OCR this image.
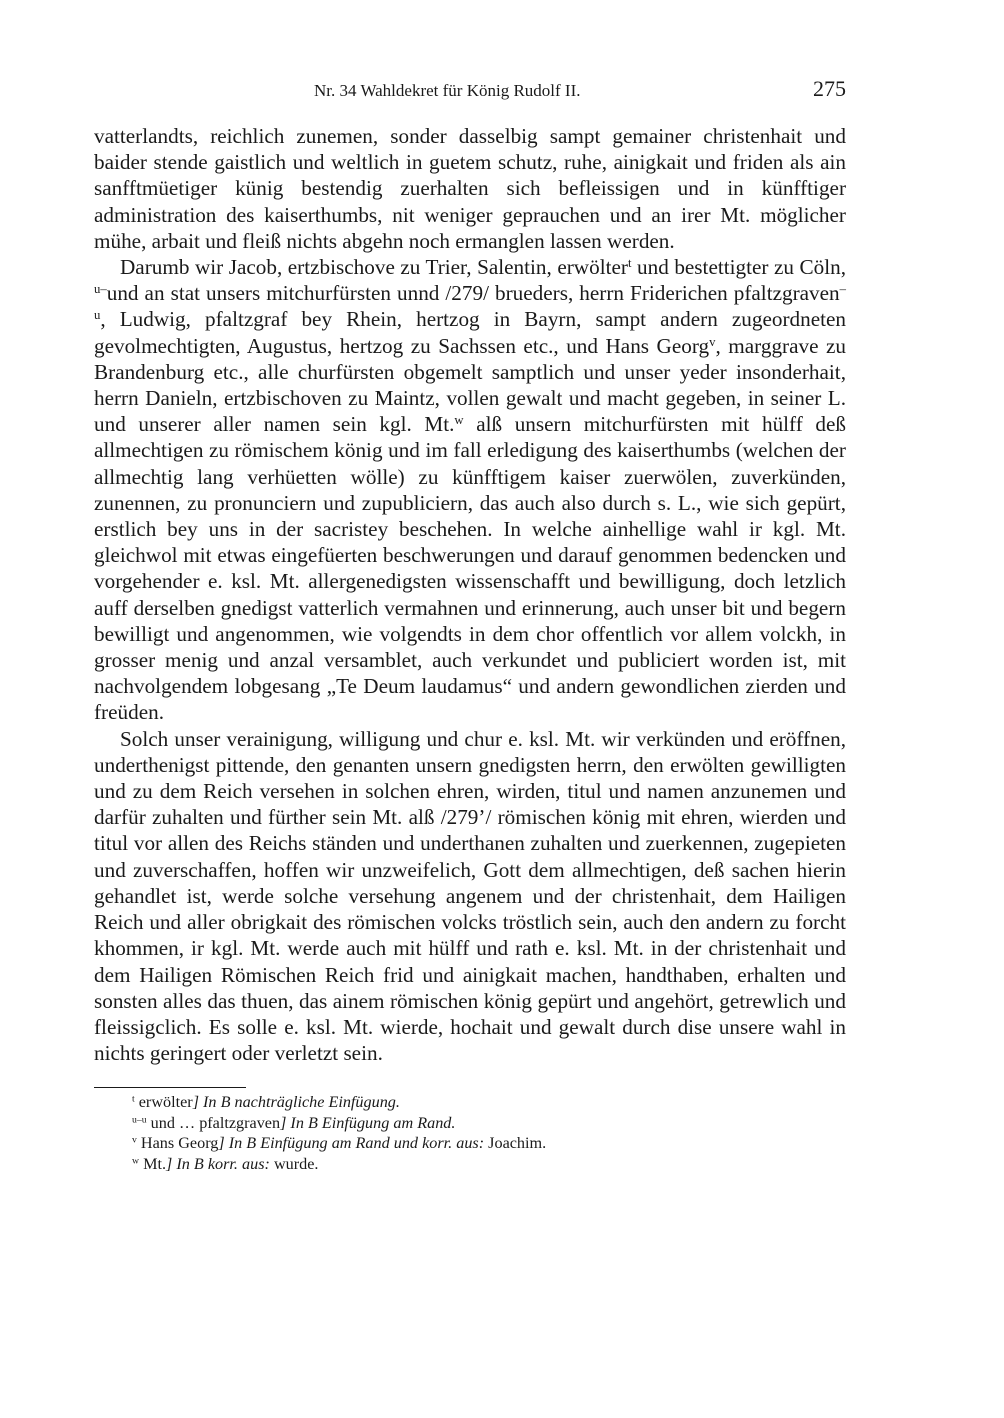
Nr. 34 Wahldekret für König Rudolf II.	275

vatterlandts, reichlich zunemen, sonder dasselbig sampt gemainer christenhait und baider stende gaistlich und weltlich in guetem schutz, ruhe, ainigkait und friden als ain sanfftmüetiger künig bestendig zuerhalten sich befleissigen und in künfftiger administration des kaiserthumbs, nit weniger geprauchen und an irer Mt. möglicher mühe, arbait und fleiß nichts abgehn noch ermanglen lassen werden.

Darumb wir Jacob, ertzbischove zu Trier, Salentin, erwölter$^t$ und bestettigter zu Cöln, $^{u-}$und an stat unsers mitchurfürsten unnd /279/ brueders, herrn Friderichen pfaltzgraven$^{-u}$, Ludwig, pfaltzgraf bey Rhein, hertzog in Bayrn, sampt andern zugeordneten gevolmechtigten, Augustus, hertzog zu Sachssen etc., und Hans Georg$^v$, marggrave zu Brandenburg etc., alle churfürsten obgemelt samptlich und unser yeder insonderhait, herrn Danieln, ertzbischoven zu Maintz, vollen gewalt und macht gegeben, in seiner L. und unserer aller namen sein kgl. Mt.$^w$ alß unsern mitchurfürsten mit hülff deß allmechtigen zu römischem könig und im fall erledigung des kaiserthumbs (welchen der allmechtig lang verhüetten wölle) zu künfftigem kaiser zuerwölen, zuverkünden, zunennen, zu pronunciern und zupubliciern, das auch also durch s. L., wie sich gepürt, erstlich bey uns in der sacristey beschehen. In welche ainhellige wahl ir kgl. Mt. gleichwol mit etwas eingefüerten beschwerungen und darauf genommen bedencken und vorgehender e. ksl. Mt. allergenedigsten wissenschafft und bewilligung, doch letzlich auff derselben gnedigst vatterlich vermahnen und erinnerung, auch unser bit und begern bewilligt und angenommen, wie volgendts in dem chor offentlich vor allem volckh, in grosser menig und anzal versamblet, auch verkundet und publiciert worden ist, mit nachvolgendem lobgesang „Te Deum laudamus“ und andern gewondlichen zierden und freüden.

Solch unser verainigung, willigung und chur e. ksl. Mt. wir verkünden und eröffnen, underthenigst pittende, den genanten unsern gnedigsten herrn, den erwölten gewilligten und zu dem Reich versehen in solchen ehren, wirden, titul und namen anzunemen und darfür zuhalten und fürther sein Mt. alß /279’/ römischen könig mit ehren, wierden und titul vor allen des Reichs ständen und underthanen zuhalten und zuerkennen, zugepieten und zuverschaffen, hoffen wir unzweifelich, Gott dem allmechtigen, deß sachen hierin gehandlet ist, werde solche versehung angenem und der christenhait, dem Hailigen Reich und aller obrigkait des römischen volcks tröstlich sein, auch den andern zu forcht khommen, ir kgl. Mt. werde auch mit hülff und rath e. ksl. Mt. in der christenhait und dem Hailigen Römischen Reich frid und ainigkait machen, handthaben, erhalten und sonsten alles das thuen, das ainem römischen könig gepürt und angehört, getrewlich und fleissigclich. Es solle e. ksl. Mt. wierde, hochait und gewalt durch dise unsere wahl in nichts geringert oder verletzt sein.

$^t$ erwölter] In B nachträgliche Einfügung.
$^{u-u}$ und … pfaltzgraven] In B Einfügung am Rand.
$^v$ Hans Georg] In B Einfügung am Rand und korr. aus: Joachim.
$^w$ Mt.] In B korr. aus: wurde.
